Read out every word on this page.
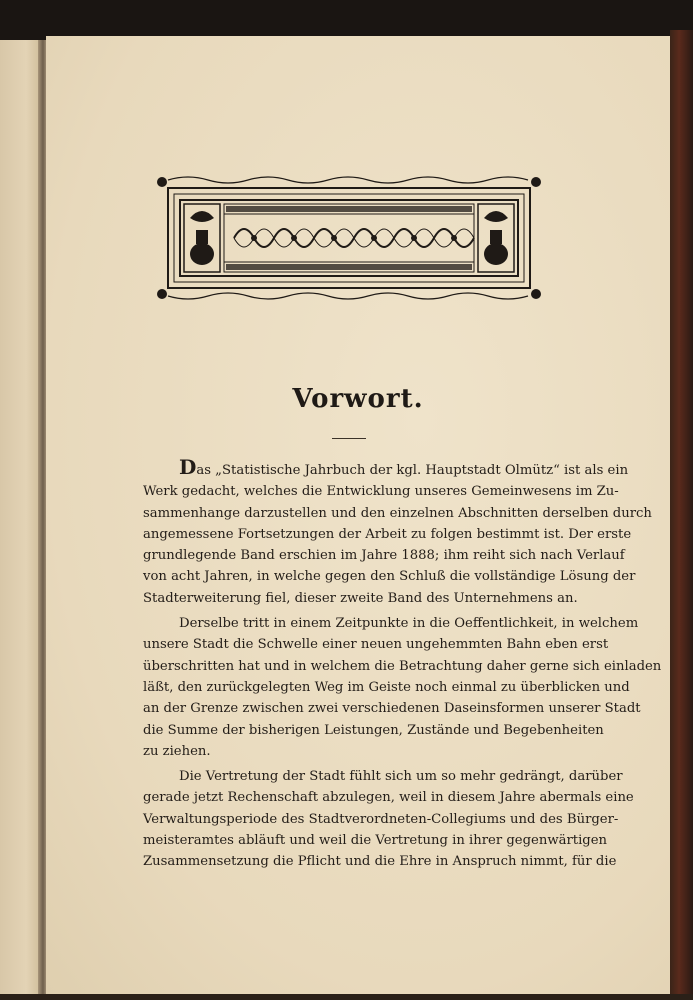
Vorwort.
Das „Statistische Jahrbuch der kgl. Hauptstadt Olmütz“ ist als ein
Werk gedacht, welches die Entwicklung unseres Gemeinwesens im Zu-
sammenhange darzustellen und den einzelnen Abschnitten derselben durch
angemessene Fortsetzungen der Arbeit zu folgen bestimmt ist. Der erste
grundlegende Band erschien im Jahre 1888; ihm reiht sich nach Verlauf
von acht Jahren, in welche gegen den Schluß die vollständige Lösung der
Stadterweiterung fiel, dieser zweite Band des Unternehmens an.
Derselbe tritt in einem Zeitpunkte in die Oeffentlichkeit, in welchem
unsere Stadt die Schwelle einer neuen ungehemmten Bahn eben erst
überschritten hat und in welchem die Betrachtung daher gerne sich einladen
läßt, den zurückgelegten Weg im Geiste noch einmal zu überblicken und
an der Grenze zwischen zwei verschiedenen Daseinsformen unserer Stadt
die Summe der bisherigen Leistungen, Zustände und Begebenheiten
zu ziehen.
Die Vertretung der Stadt fühlt sich um so mehr gedrängt, darüber
gerade jetzt Rechenschaft abzulegen, weil in diesem Jahre abermals eine
Verwaltungsperiode des Stadtverordneten-Collegiums und des Bürger-
meisteramtes abläuft und weil die Vertretung in ihrer gegenwärtigen
Zusammensetzung die Pflicht und die Ehre in Anspruch nimmt, für die
